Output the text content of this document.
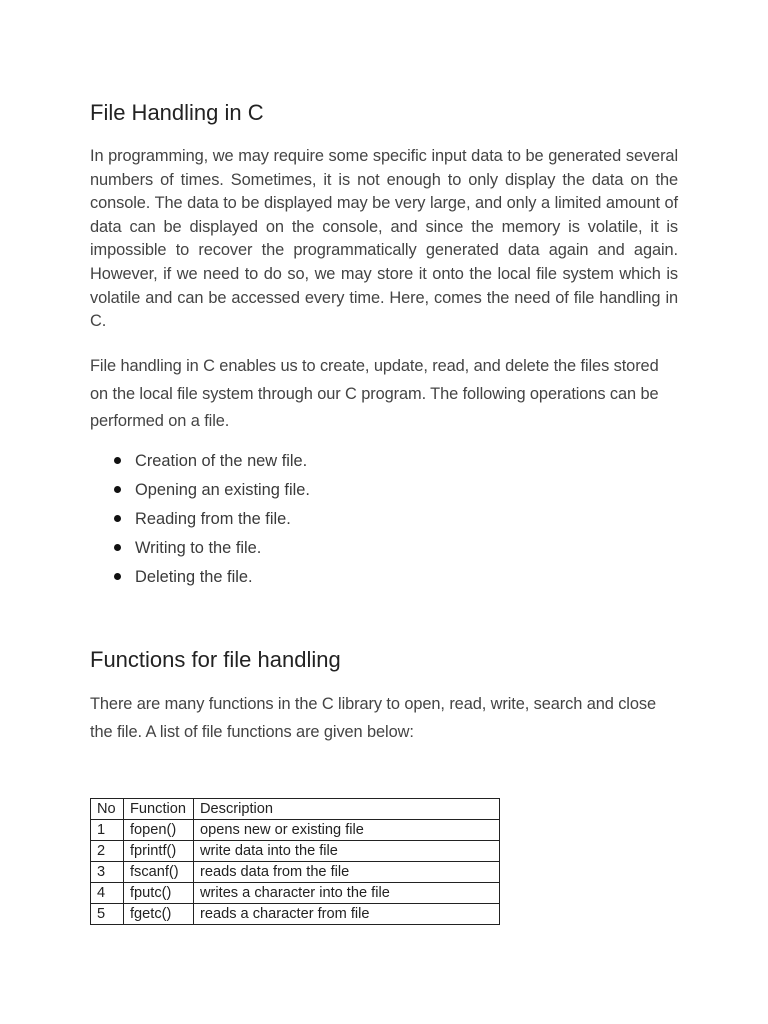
File Handling in C

In programming, we may require some specific input data to be generated several numbers of times. Sometimes, it is not enough to only display the data on the console. The data to be displayed may be very large, and only a limited amount of data can be displayed on the console, and since the memory is volatile, it is impossible to recover the programmatically generated data again and again. However, if we need to do so, we may store it onto the local file system which is volatile and can be accessed every time. Here, comes the need of file handling in C.

File handling in C enables us to create, update, read, and delete the files stored on the local file system through our C program. The following operations can be performed on a file.

Creation of the new file.
Opening an existing file.
Reading from the file.
Writing to the file.
Deleting the file.
Functions for file handling

There are many functions in the C library to open, read, write, search and close the file. A list of file functions are given below:

No	Function	Description
1	fopen()	opens new or existing file
2	fprintf()	write data into the file
3	fscanf()	reads data from the file
4	fputc()	writes a character into the file
5	fgetc()	reads a character from file
